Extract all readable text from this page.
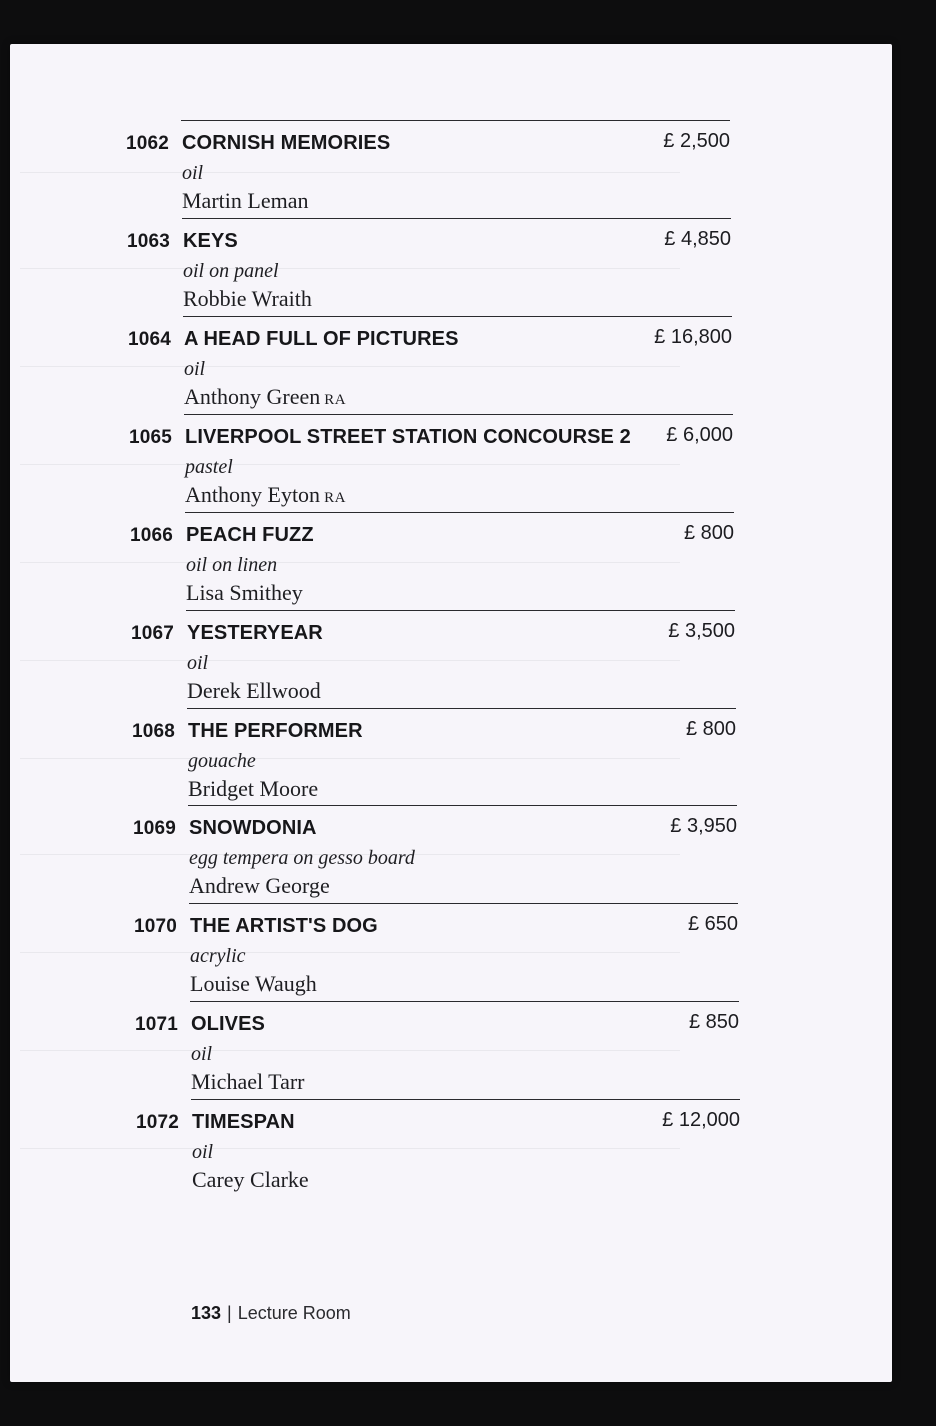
1062 CORNISH MEMORIES	£ 2,500
oil
Martin Leman
1063 KEYS	£ 4,850
oil on panel
Robbie Wraith
1064 A HEAD FULL OF PICTURES	£ 16,800
oil
Anthony Green RA
1065 LIVERPOOL STREET STATION CONCOURSE 2 £ 6,000
pastel
Anthony Eyton RA
1066 PEACH FUZZ	£ 800
oil on linen
Lisa Smithey
1067 YESTERYEAR	£ 3,500
oil
Derek Ellwood
1068 THE PERFORMER	£ 800
gouache
Bridget Moore
1069 SNOWDONIA	£ 3,950
egg tempera on gesso board
Andrew George
1070 THE ARTIST'S DOG	£ 650
acrylic
Louise Waugh
1071 OLIVES	£ 850
oil
Michael Tarr
1072 TIMESPAN	£ 12,000
oil
Carey Clarke
133 | Lecture Room
